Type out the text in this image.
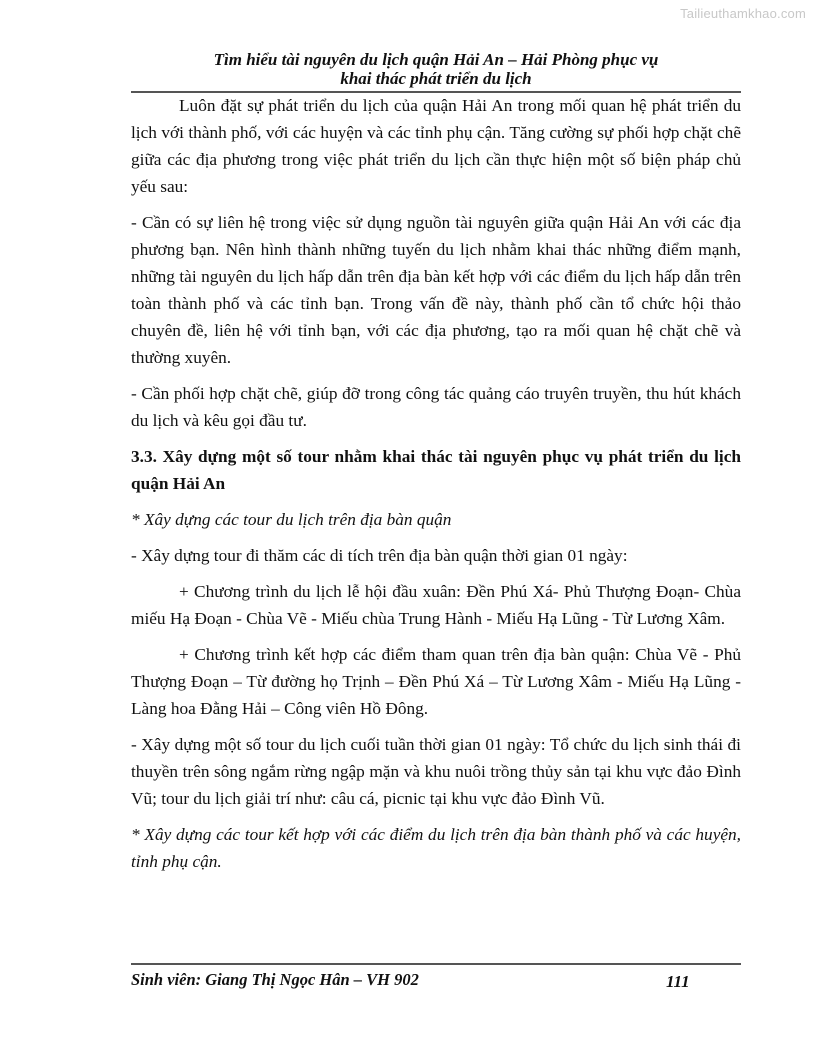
Tailieuthamkhao.com
Tìm hiểu tài nguyên du lịch quận Hải An – Hải Phòng phục vụ
khai thác phát triển du lịch

Luôn đặt sự phát triển du lịch của quận Hải An trong mối quan hệ phát triển du lịch với thành phố, với các huyện và các tỉnh phụ cận. Tăng cường sự phối hợp chặt chẽ giữa các địa phương trong việc phát triển du lịch cần thực hiện một số biện pháp chủ yếu sau:

- Cần có sự liên hệ trong việc sử dụng nguồn tài nguyên giữa quận Hải An với các địa phương bạn. Nên hình thành những tuyến du lịch nhằm khai thác những điểm mạnh, những tài nguyên du lịch hấp dẫn trên địa bàn kết hợp với các điểm du lịch hấp dẫn trên toàn thành phố và các tỉnh bạn. Trong vấn đề này, thành phố cần tổ chức hội thảo chuyên đề, liên hệ với tỉnh bạn, với các địa phương, tạo ra mối quan hệ chặt chẽ và thường xuyên.

- Cần phối hợp chặt chẽ, giúp đỡ trong công tác quảng cáo truyên truyền, thu hút khách du lịch và kêu gọi đầu tư.

3.3. Xây dựng một số tour nhằm khai thác tài nguyên phục vụ phát triển du lịch quận Hải An

* Xây dựng các tour du lịch trên địa bàn quận

- Xây dựng tour đi thăm các di tích trên địa bàn quận thời gian 01 ngày:

+ Chương trình du lịch lễ hội đầu xuân: Đền Phú Xá- Phủ Thượng Đoạn- Chùa miếu Hạ Đoạn - Chùa Vẽ - Miếu chùa Trung Hành - Miếu Hạ Lũng - Từ Lương Xâm.

+ Chương trình kết hợp các điểm tham quan trên địa bàn quận: Chùa Vẽ - Phủ Thượng Đoạn – Từ đường họ Trịnh – Đền Phú Xá – Từ Lương Xâm - Miếu Hạ Lũng - Làng hoa Đằng Hải – Công viên Hồ Đông.

- Xây dựng một số tour du lịch cuối tuần thời gian 01 ngày: Tổ chức du lịch sinh thái đi thuyền trên sông ngắm rừng ngập mặn và khu nuôi trồng thủy sản tại khu vực đảo Đình Vũ; tour du lịch giải trí như: câu cá, picnic tại khu vực đảo Đình Vũ.

* Xây dựng các tour kết hợp với các điểm du lịch trên địa bàn thành phố và các huyện, tỉnh phụ cận.

Sinh viên: Giang Thị Ngọc Hân – VH 902	111
